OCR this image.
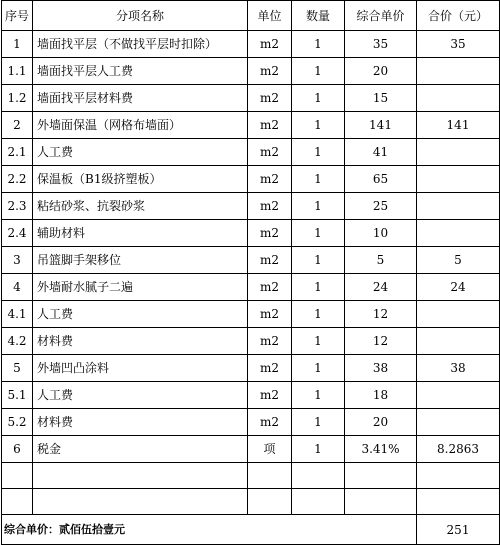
序号	分项名称	单位	数量	综合单价	合价（元）
1	墙面找平层（不做找平层时扣除）	m2	1	35	35
1.1	墙面找平层人工费	m2	1	20	
1.2	墙面找平层材料费	m2	1	15	
2	外墙面保温（网格布墙面）	m2	1	141	141
2.1	人工费	m2	1	41	
2.2	保温板（B1级挤塑板）	m2	1	65	
2.3	粘结砂浆、抗裂砂浆	m2	1	25	
2.4	辅助材料	m2	1	10	
3	吊篮脚手架移位	m2	1	5	5
4	外墙耐水腻子二遍	m2	1	24	24
4.1	人工费	m2	1	12	
4.2	材料费	m2	1	12	
5	外墙凹凸涂料	m2	1	38	38
5.1	人工费	m2	1	18	
5.2	材料费	m2	1	20	
6	税金	项	1	3.41%	8.2863

综合单价：贰佰伍拾壹元					251
